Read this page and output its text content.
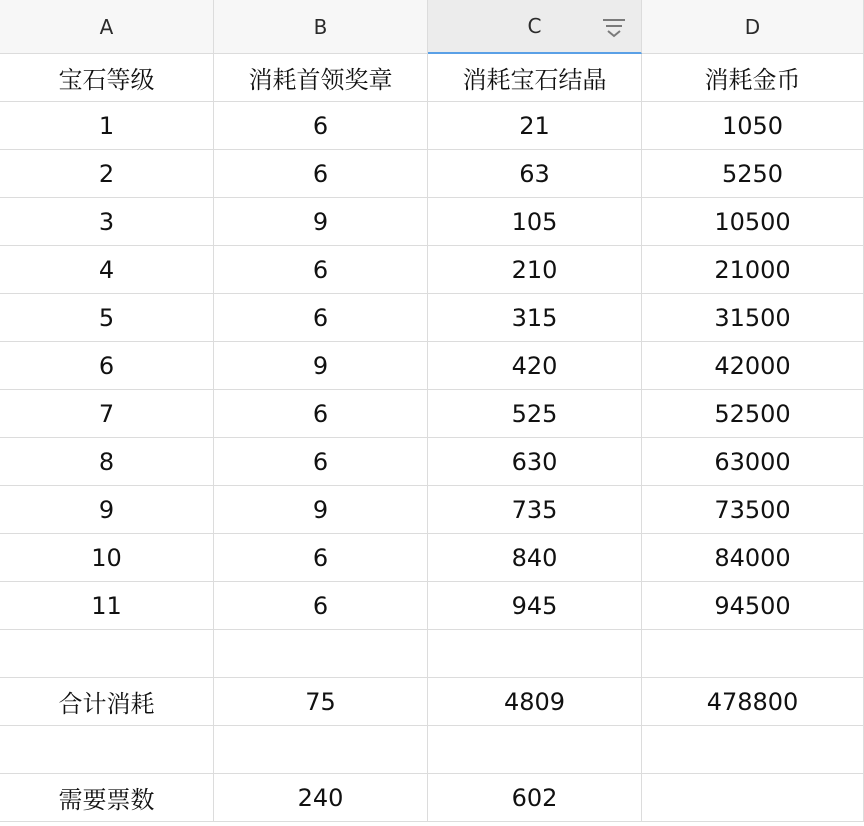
A	B	C	D
宝石等级	消耗首领奖章	消耗宝石结晶	消耗金币
1	6	21	1050
2	6	63	5250
3	9	105	10500
4	6	210	21000
5	6	315	31500
6	9	420	42000
7	6	525	52500
8	6	630	63000
9	9	735	73500
10	6	840	84000
11	6	945	94500
合计消耗	75	4809	478800
需要票数	240	602
